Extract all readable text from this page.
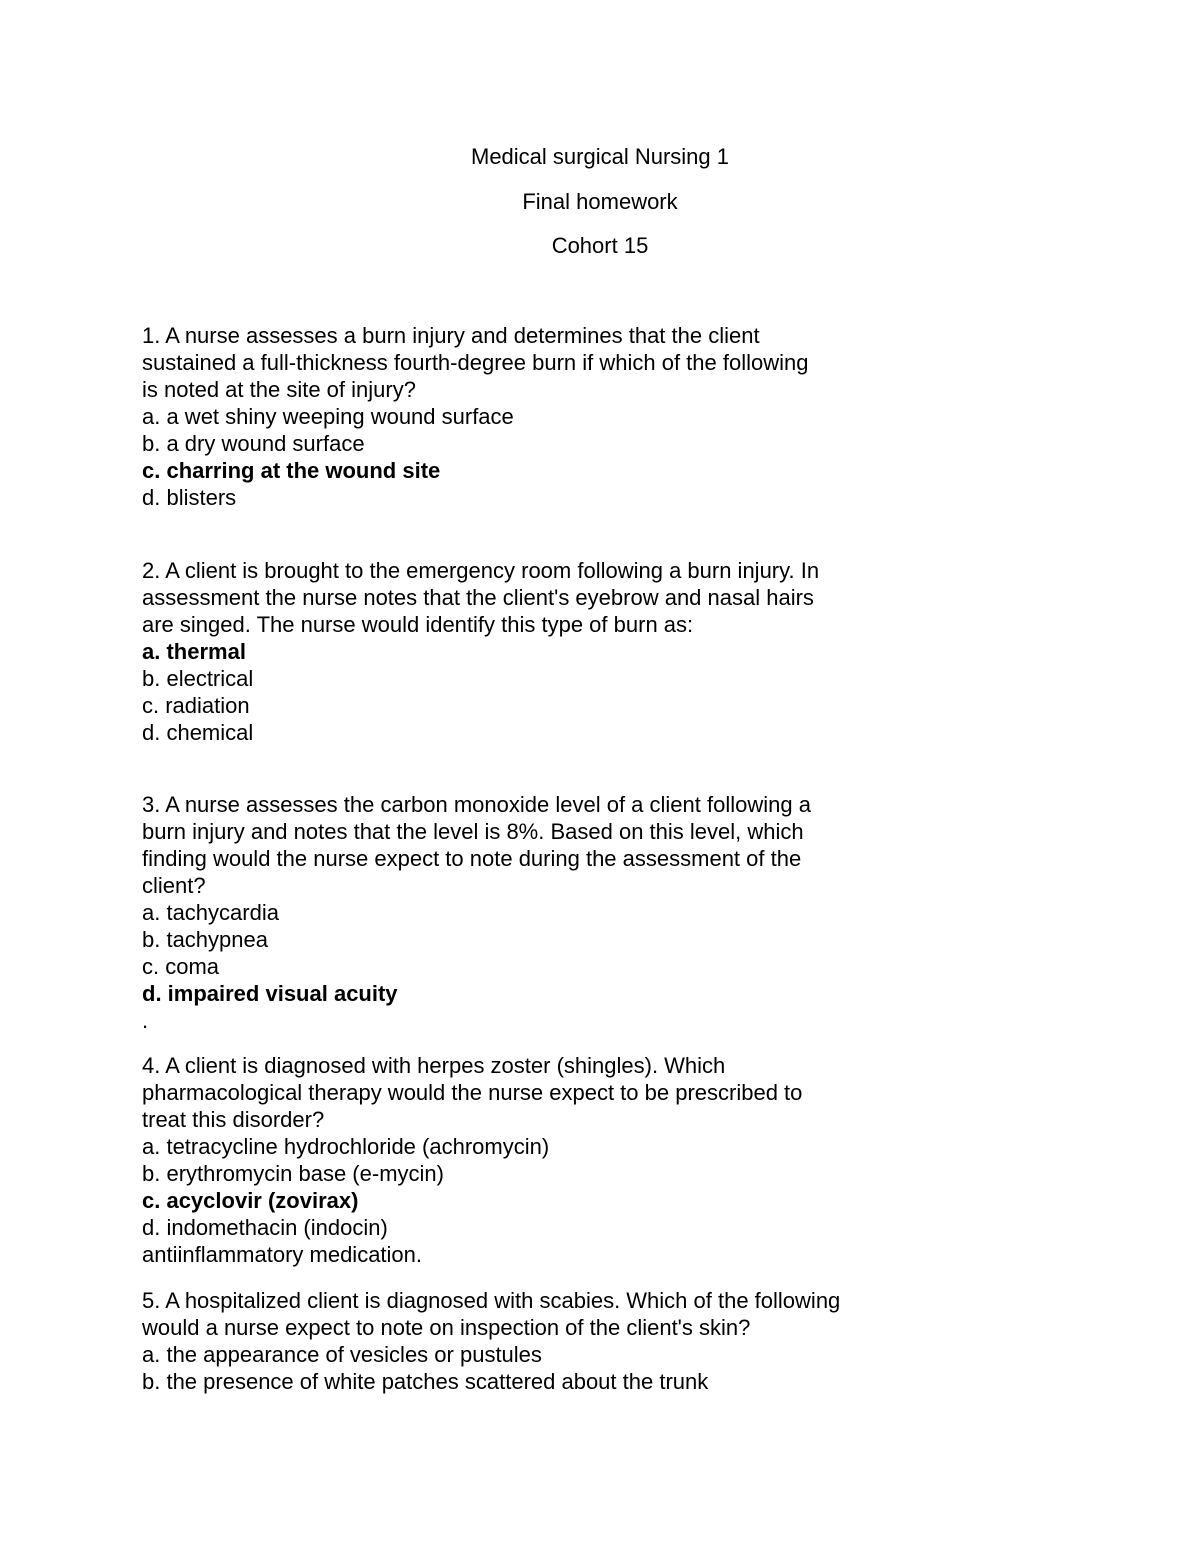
Medical surgical Nursing 1
Final homework
Cohort 15
1. A nurse assesses a burn injury and determines that the client
sustained a full-thickness fourth-degree burn if which of the following
is noted at the site of injury?
a. a wet shiny weeping wound surface
b. a dry wound surface
c. charring at the wound site
d. blisters
2. A client is brought to the emergency room following a burn injury. In
assessment the nurse notes that the client's eyebrow and nasal hairs
are singed. The nurse would identify this type of burn as:
a. thermal
b. electrical
c. radiation
d. chemical
3. A nurse assesses the carbon monoxide level of a client following a
burn injury and notes that the level is 8%. Based on this level, which
finding would the nurse expect to note during the assessment of the
client?
a. tachycardia
b. tachypnea
c. coma
d. impaired visual acuity
.
4. A client is diagnosed with herpes zoster (shingles). Which
pharmacological therapy would the nurse expect to be prescribed to
treat this disorder?
a. tetracycline hydrochloride (achromycin)
b. erythromycin base (e-mycin)
c. acyclovir (zovirax)
d. indomethacin (indocin)
antiinflammatory medication.
5. A hospitalized client is diagnosed with scabies. Which of the following
would a nurse expect to note on inspection of the client's skin?
a. the appearance of vesicles or pustules
b. the presence of white patches scattered about the trunk
